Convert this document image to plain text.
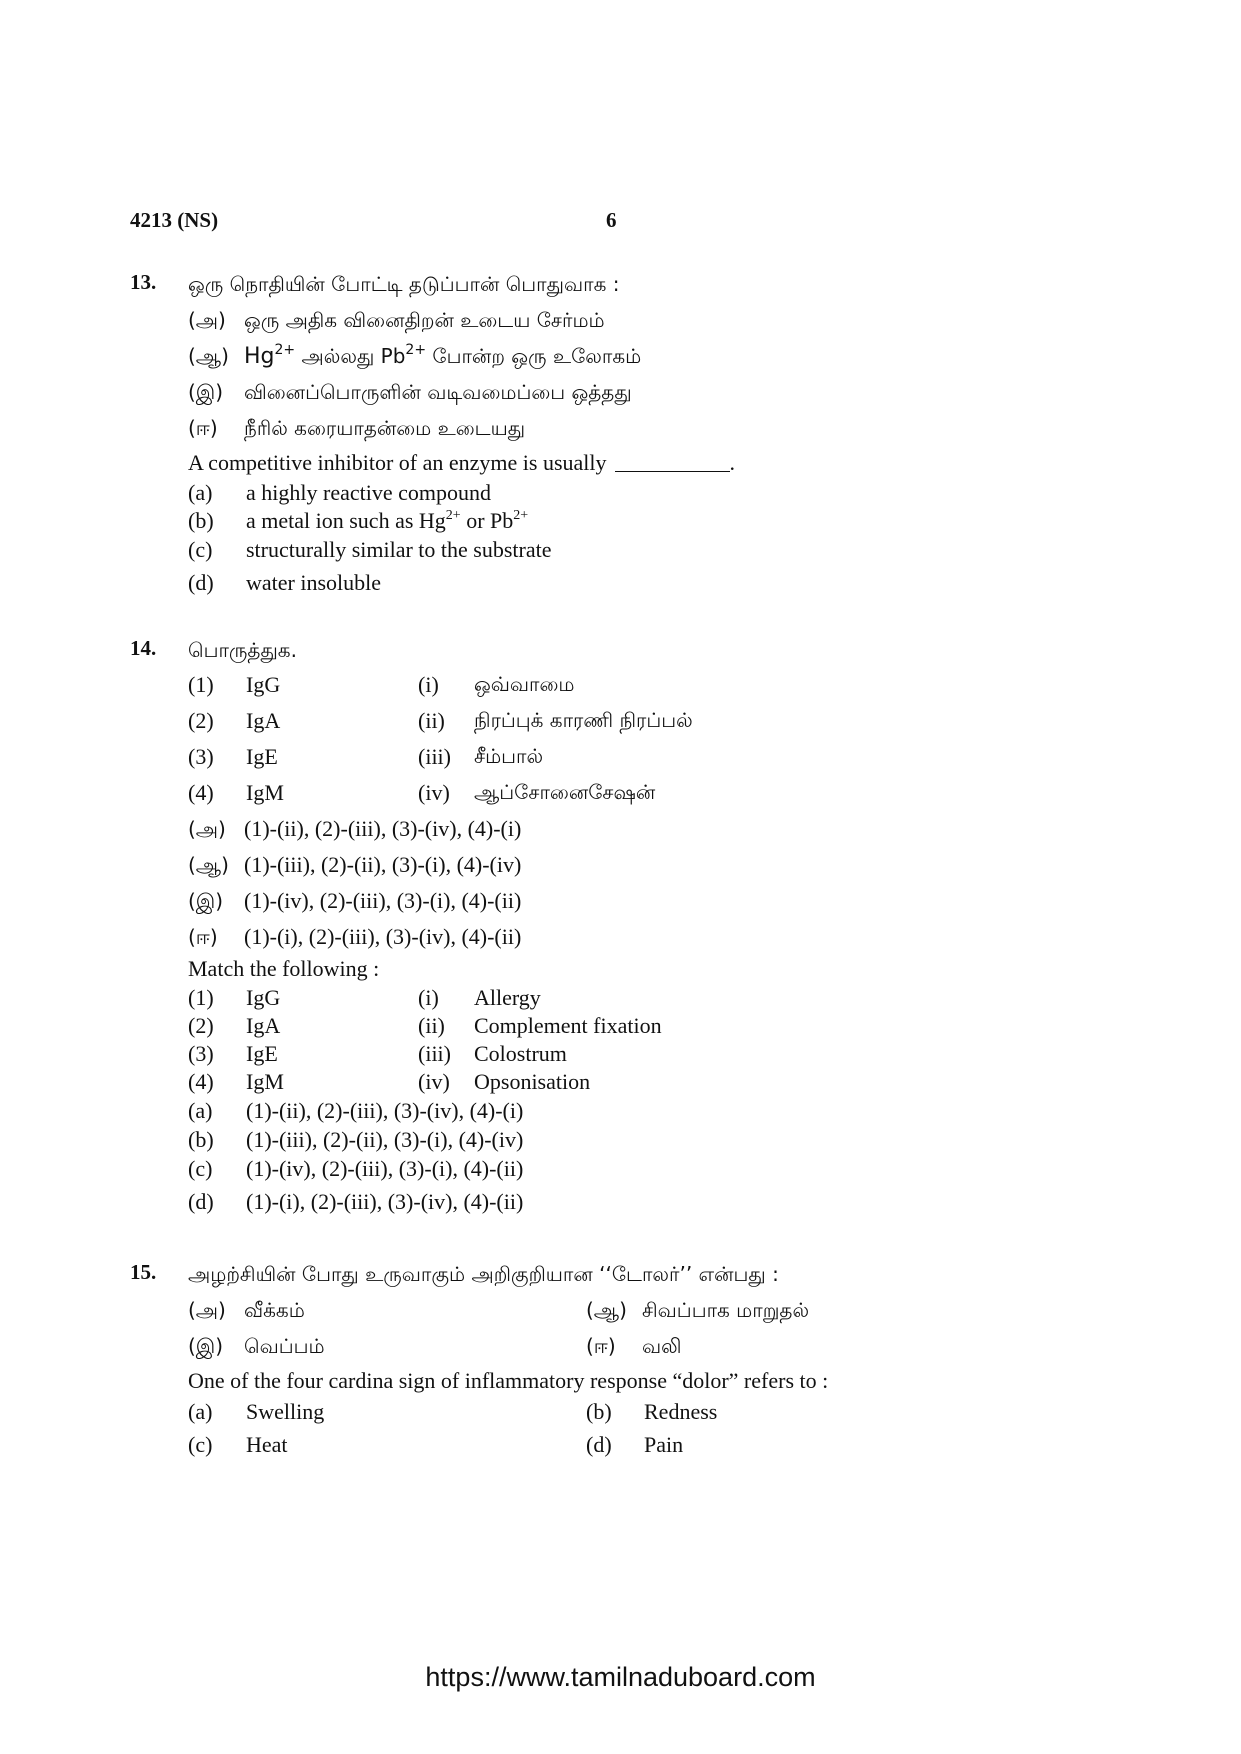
4213 (NS)	6
13. ஒரு நொதியின் போட்டி தடுப்பான் பொதுவாக :
(அ) ஒரு அதிக வினைதிறன் உடைய சேர்மம்
(ஆ) $Hg^{2+}$ அல்லது $Pb^{2+}$ போன்ற ஒரு உலோகம்
(இ) வினைப்பொருளின் வடிவமைப்பை ஒத்தது
(ஈ) நீரில் கரையாதன்மை உடையது
A competitive inhibitor of an enzyme is usually	.
(a) a highly reactive compound
(b) a metal ion such as $Hg^{2+}$ or $Pb^{2+}$
(c) structurally similar to the substrate
(d) water insoluble
14. பொருத்துக.
(1) IgG	(i) ஒவ்வாமை
(2) IgA	(ii) நிரப்புக் காரணி நிரப்பல்
(3) IgE	(iii) சீம்பால்
(4) IgM	(iv) ஆப்சோனைசேஷன்
(அ) (1)-(ii), (2)-(iii), (3)-(iv), (4)-(i)
(ஆ) (1)-(iii), (2)-(ii), (3)-(i), (4)-(iv)
(இ) (1)-(iv), (2)-(iii), (3)-(i), (4)-(ii)
(ஈ) (1)-(i), (2)-(iii), (3)-(iv), (4)-(ii)
Match the following :
(1) IgG	(i) Allergy
(2) IgA	(ii) Complement fixation
(3) IgE	(iii) Colostrum
(4) IgM	(iv) Opsonisation
(a) (1)-(ii), (2)-(iii), (3)-(iv), (4)-(i)
(b) (1)-(iii), (2)-(ii), (3)-(i), (4)-(iv)
(c) (1)-(iv), (2)-(iii), (3)-(i), (4)-(ii)
(d) (1)-(i), (2)-(iii), (3)-(iv), (4)-(ii)
15. அழற்சியின் போது உருவாகும் அறிகுறியான ‘‘டோலர்’’ என்பது :
(அ) வீக்கம்	(ஆ) சிவப்பாக மாறுதல்
(இ) வெப்பம்	(ஈ) வலி
One of the four cardina sign of inflammatory response “dolor” refers to :
(a) Swelling	(b) Redness
(c) Heat	(d) Pain
https://www.tamilnaduboard.com
